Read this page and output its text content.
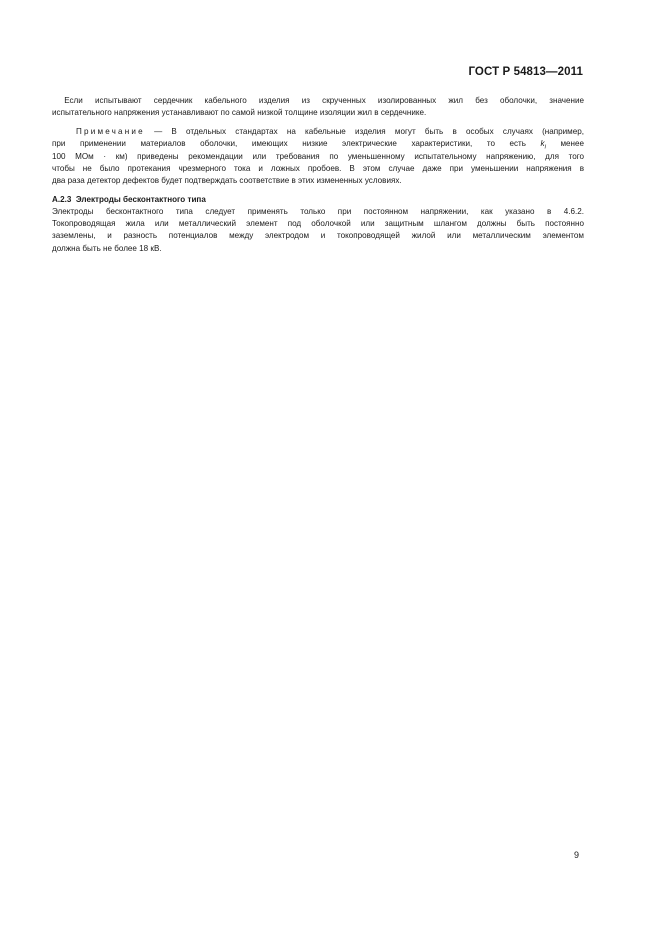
ГОСТ Р 54813—2011
Если испытывают сердечник кабельного изделия из скрученных изолированных жил без оболочки, значение
испытательного напряжения устанавливают по самой низкой толщине изоляции жил в сердечнике.
Примечание — В отдельных стандартах на кабельные изделия могут быть в особых случаях (например,
при применении материалов оболочки, имеющих низкие электрические характеристики, то есть $k_i$ менее
100 МОм · км) приведены рекомендации или требования по уменьшенному испытательному напряжению, для того
чтобы не было протекания чрезмерного тока и ложных пробоев. В этом случае даже при уменьшении напряжения в
два раза детектор дефектов будет подтверждать соответствие в этих измененных условиях.
А.2.3 Электроды бесконтактного типа
Электроды бесконтактного типа следует применять только при постоянном напряжении, как указано в 4.6.2.
Токопроводящая жила или металлический элемент под оболочкой или защитным шлангом должны быть постоянно
заземлены, и разность потенциалов между электродом и токопроводящей жилой или металлическим элементом
должна быть не более 18 кВ.
9
